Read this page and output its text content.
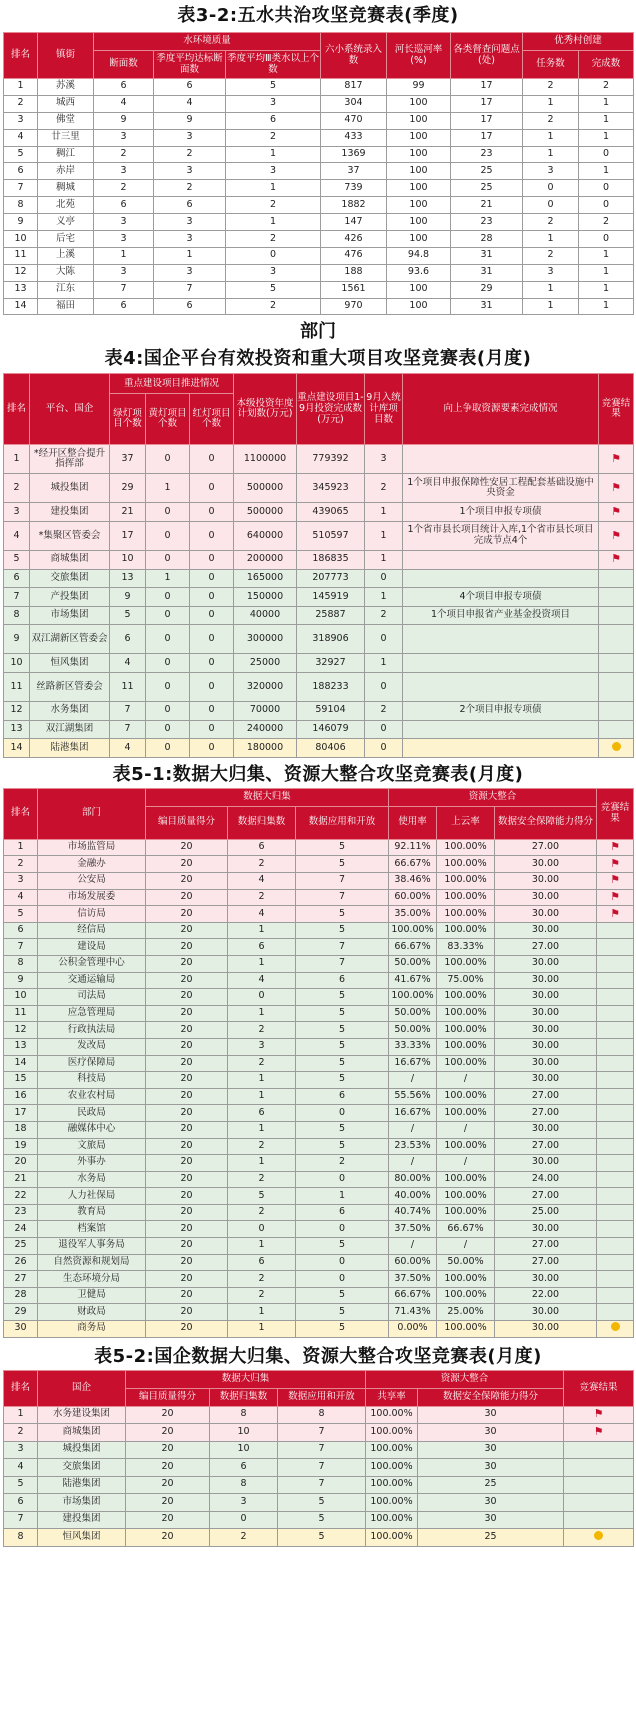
表3-2:五水共治攻坚竞赛表(季度)
排名	镇街	水环境质量			六小系统录入数	河长巡河率(%)	各类督查问题点(处)	优秀村创建	
		断面数	季度平均达标断面数	季度平均Ⅲ类水以上个数				任务数	完成数
1	苏溪	6	6	5	817	99	17	2	2
2	城西	4	4	3	304	100	17	1	1
3	佛堂	9	9	6	470	100	17	2	1
4	廿三里	3	3	2	433	100	17	1	1
5	稠江	2	2	1	1369	100	23	1	0
6	赤岸	3	3	3	37	100	25	3	1
7	稠城	2	2	1	739	100	25	0	0
8	北苑	6	6	2	1882	100	21	0	0
9	义亭	3	3	1	147	100	23	2	2
10	后宅	3	3	2	426	100	28	1	0
11	上溪	1	1	0	476	94.8	31	2	1
12	大陈	3	3	3	188	93.6	31	3	1
13	江东	7	7	5	1561	100	29	1	1
14	福田	6	6	2	970	100	31	1	1
部门
表4:国企平台有效投资和重大项目攻坚竞赛表(月度)
排名	平台、国企	重点建设项目推进情况			本级投资年度计划数(万元)	重点建设项目1-9月投资完成数(万元)	9月入统计库项目数	向上争取资源要素完成情况	竞赛结果
		绿灯项目个数	黄灯项目个数	红灯项目个数					
1	*经开区整合提升指挥部	37	0	0	1100000	779392	3		⚑
2	城投集团	29	1	0	500000	345923	2	1个项目申报保障性安居工程配套基础设施中央资金	⚑
3	建投集团	21	0	0	500000	439065	1	1个项目申报专项债	⚑
4	*集聚区管委会	17	0	0	640000	510597	1	1个省市县长项目统计入库,1个省市县长项目完成节点4个	⚑
5	商城集团	10	0	0	200000	186835	1		⚑
6	交旅集团	13	1	0	165000	207773	0		
7	产投集团	9	0	0	150000	145919	1	4个项目申报专项债	
8	市场集团	5	0	0	40000	25887	2	1个项目申报省产业基金投资项目	
9	双江湖新区管委会	6	0	0	300000	318906	0		
10	恒风集团	4	0	0	25000	32927	1		
11	丝路新区管委会	11	0	0	320000	188233	0		
12	水务集团	7	0	0	70000	59104	2	2个项目申报专项债	
13	双江湖集团	7	0	0	240000	146079	0		
14	陆港集团	4	0	0	180000	80406	0		
表5-1:数据大归集、资源大整合攻坚竞赛表(月度)
排名	部门	数据大归集			资源大整合			竞赛结果
		编目质量得分	数据归集数	数据应用和开放	使用率	上云率	数据安全保障能力得分	
1	市场监管局	20	6	5	92.11%	100.00%	27.00	⚑
2	金融办	20	2	5	66.67%	100.00%	30.00	⚑
3	公安局	20	4	7	38.46%	100.00%	30.00	⚑
4	市场发展委	20	2	7	60.00%	100.00%	30.00	⚑
5	信访局	20	4	5	35.00%	100.00%	30.00	⚑
6	经信局	20	1	5	100.00%	100.00%	30.00	
7	建设局	20	6	7	66.67%	83.33%	27.00	
8	公积金管理中心	20	1	7	50.00%	100.00%	30.00	
9	交通运输局	20	4	6	41.67%	75.00%	30.00	
10	司法局	20	0	5	100.00%	100.00%	30.00	
11	应急管理局	20	1	5	50.00%	100.00%	30.00	
12	行政执法局	20	2	5	50.00%	100.00%	30.00	
13	发改局	20	3	5	33.33%	100.00%	30.00	
14	医疗保障局	20	2	5	16.67%	100.00%	30.00	
15	科技局	20	1	5	/	/	30.00	
16	农业农村局	20	1	6	55.56%	100.00%	27.00	
17	民政局	20	6	0	16.67%	100.00%	27.00	
18	融媒体中心	20	1	5	/	/	30.00	
19	文旅局	20	2	5	23.53%	100.00%	27.00	
20	外事办	20	1	2	/	/	30.00	
21	水务局	20	2	0	80.00%	100.00%	24.00	
22	人力社保局	20	5	1	40.00%	100.00%	27.00	
23	教育局	20	2	6	40.74%	100.00%	25.00	
24	档案馆	20	0	0	37.50%	66.67%	30.00	
25	退役军人事务局	20	1	5	/	/	27.00	
26	自然资源和规划局	20	6	0	60.00%	50.00%	27.00	
27	生态环境分局	20	2	0	37.50%	100.00%	30.00	
28	卫健局	20	2	5	66.67%	100.00%	22.00	
29	财政局	20	1	5	71.43%	25.00%	30.00	
30	商务局	20	1	5	0.00%	100.00%	30.00	
表5-2:国企数据大归集、资源大整合攻坚竞赛表(月度)
排名	国企	数据大归集			资源大整合		竞赛结果
		编目质量得分	数据归集数	数据应用和开放	共享率	数据安全保障能力得分	
1	水务建设集团	20	8	8	100.00%	30	⚑
2	商城集团	20	10	7	100.00%	30	⚑
3	城投集团	20	10	7	100.00%	30	
4	交旅集团	20	6	7	100.00%	30	
5	陆港集团	20	8	7	100.00%	25	
6	市场集团	20	3	5	100.00%	30	
7	建投集团	20	0	5	100.00%	30	
8	恒风集团	20	2	5	100.00%	25	
